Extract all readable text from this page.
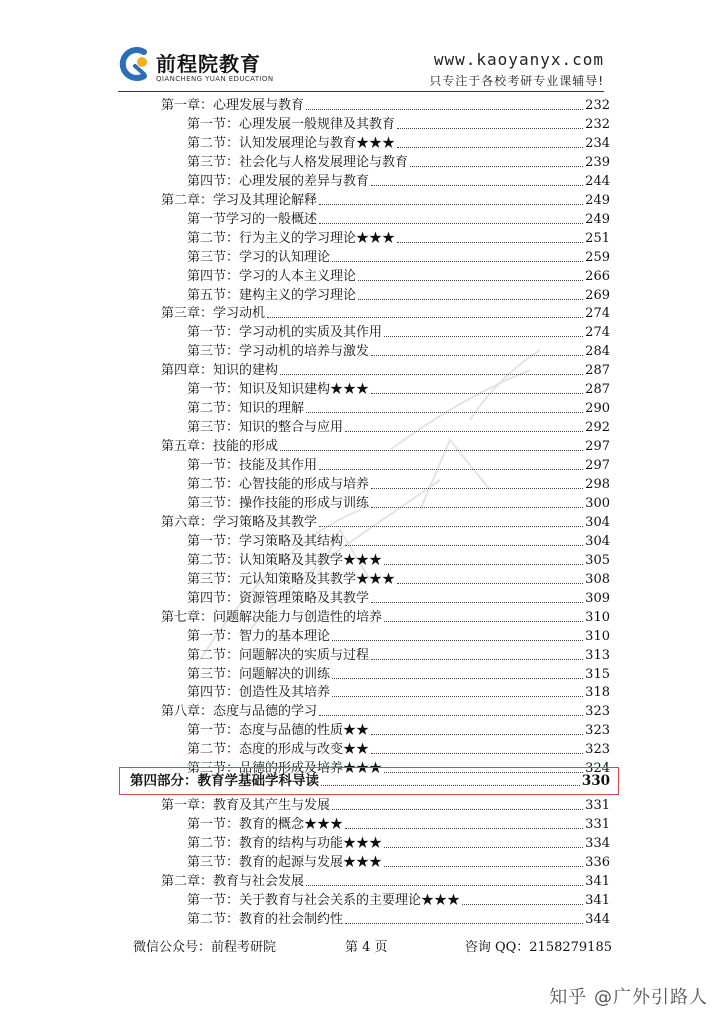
前程院教育
QIANCHENG YUAN EDUCATION
www.kaoyanyx.com
只专注于各校考研专业课辅导!
第一章：心理发展与教育	232
第一节：心理发展一般规律及其教育	232
第二节：认知发展理论与教育★★★	234
第三节：社会化与人格发展理论与教育	239
第四节：心理发展的差异与教育	244
第二章：学习及其理论解释	249
第一节学习的一般概述	249
第二节：行为主义的学习理论★★★	251
第三节：学习的认知理论	259
第四节：学习的人本主义理论	266
第五节：建构主义的学习理论	269
第三章：学习动机	274
第一节：学习动机的实质及其作用	274
第三节：学习动机的培养与激发	284
第四章：知识的建构	287
第一节：知识及知识建构★★★	287
第二节：知识的理解	290
第三节：知识的整合与应用	292
第五章：技能的形成	297
第一节：技能及其作用	297
第二节：心智技能的形成与培养	298
第三节：操作技能的形成与训练	300
第六章：学习策略及其教学	304
第一节：学习策略及其结构	304
第二节：认知策略及其教学★★★	305
第三节：元认知策略及其教学★★★	308
第四节：资源管理策略及其教学	309
第七章：问题解决能力与创造性的培养	310
第一节：智力的基本理论	310
第二节：问题解决的实质与过程	313
第三节：问题解决的训练	315
第四节：创造性及其培养	318
第八章：态度与品德的学习	323
第一节：态度与品德的性质★★	323
第二节：态度的形成与改变★★	323
第三节：品德的形成及培养★★★	324
第四部分：教育学基础学科导读	330
第一章：教育及其产生与发展	331
第一节：教育的概念★★★	331
第二节：教育的结构与功能★★★	334
第三节：教育的起源与发展★★★	336
第二章：教育与社会发展	341
第一节：关于教育与社会关系的主要理论★★★	341
第二节：教育的社会制约性	344
微信公众号：前程考研院	第 4 页	咨询 QQ：2158279185
知乎 @广外引路人
